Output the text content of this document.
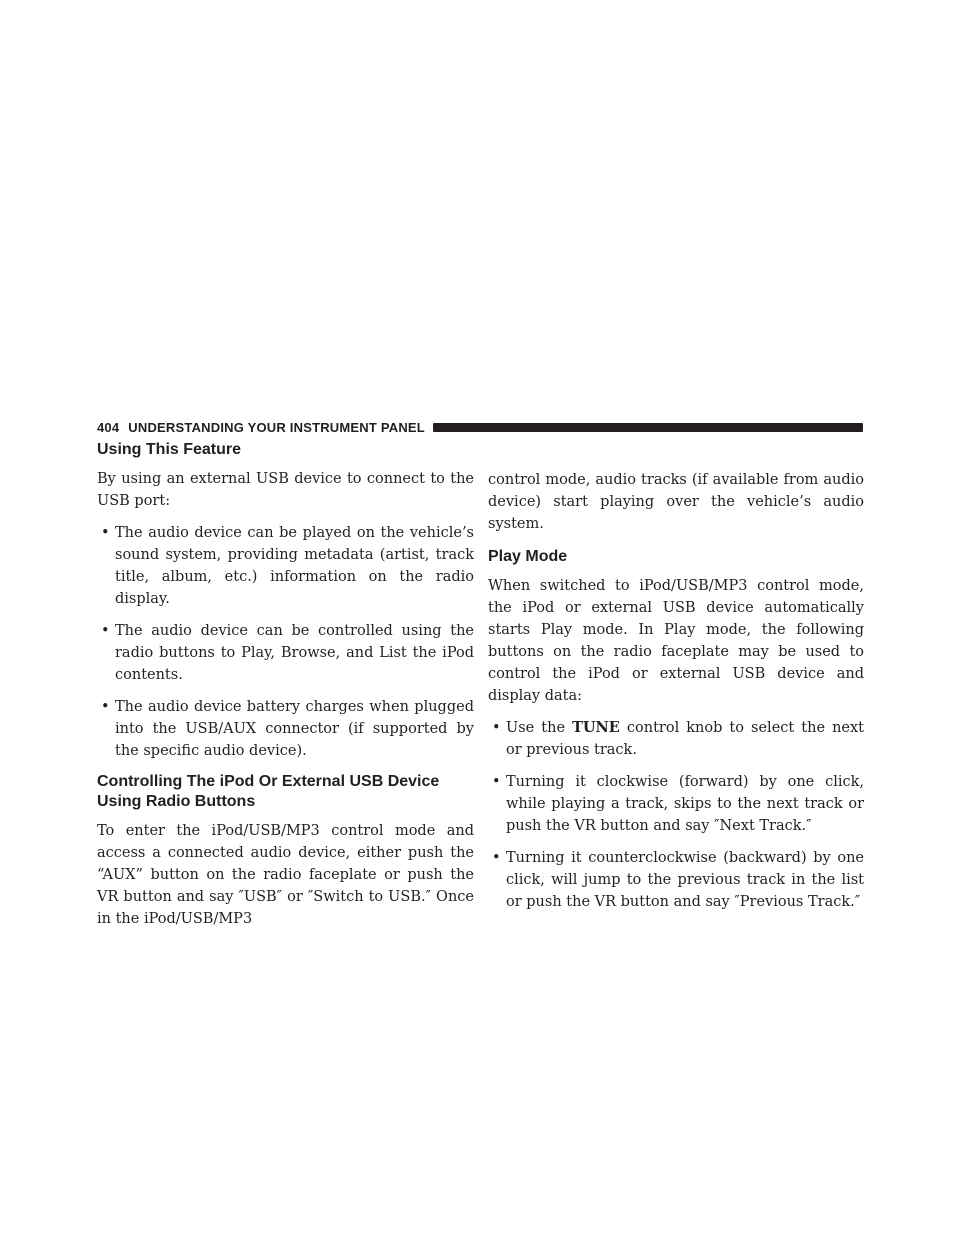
404 UNDERSTANDING YOUR INSTRUMENT PANEL
Using This Feature

By using an external USB device to connect to the USB port:

• The audio device can be played on the vehicle’s sound system, providing metadata (artist, track title, album, etc.) information on the radio display.
• The audio device can be controlled using the radio buttons to Play, Browse, and List the iPod contents.
• The audio device battery charges when plugged into the USB/AUX connector (if supported by the specific audio device).
Controlling The iPod Or External USB Device Using Radio Buttons

To enter the iPod/USB/MP3 control mode and access a connected audio device, either push the “AUX” button on the radio faceplate or push the VR button and say ″USB″ or ″Switch to USB.″ Once in the iPod/USB/MP3

control mode, audio tracks (if available from audio device) start playing over the vehicle’s audio system.

Play Mode

When switched to iPod/USB/MP3 control mode, the iPod or external USB device automatically starts Play mode. In Play mode, the following buttons on the radio faceplate may be used to control the iPod or external USB device and display data:

• Use the TUNE control knob to select the next or previous track.
• Turning it clockwise (forward) by one click, while playing a track, skips to the next track or push the VR button and say ″Next Track.″
• Turning it counterclockwise (backward) by one click, will jump to the previous track in the list or push the VR button and say ″Previous Track.″
